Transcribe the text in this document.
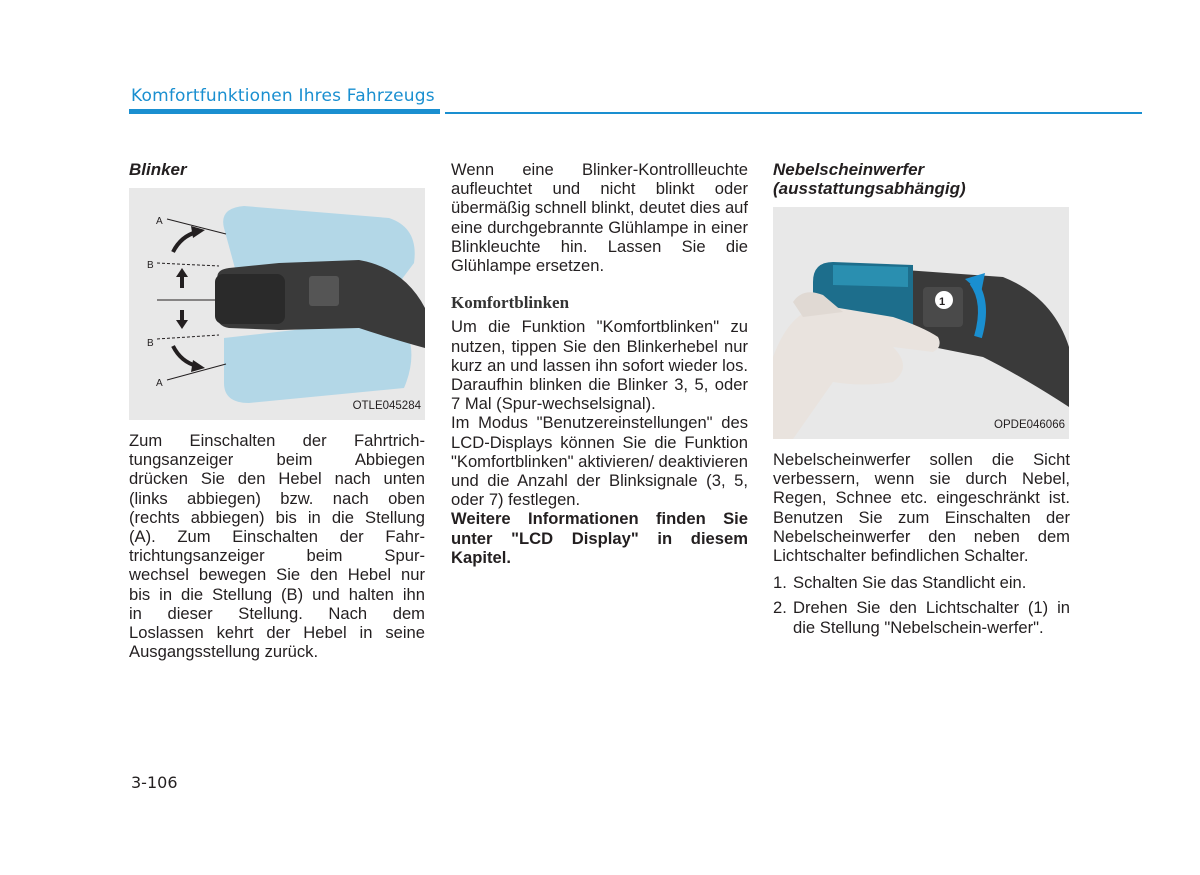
Komfortfunktionen Ihres Fahrzeugs
Blinker
A
B
B
A
OTLE045284
Zum Einschalten der Fahrtrich-
tungsanzeiger beim Abbiegen
drücken Sie den Hebel nach unten
(links abbiegen) bzw. nach oben
(rechts abbiegen) bis in die Stellung
(A). Zum Einschalten der Fahr-
trichtungsanzeiger beim Spur-
wechsel bewegen Sie den Hebel nur
bis in die Stellung (B) und halten ihn
in dieser Stellung. Nach dem
Loslassen kehrt der Hebel in seine
Ausgangsstellung zurück.

Wenn eine Blinker-Kontrollleuchte aufleuchtet und nicht blinkt oder übermäßig schnell blinkt, deutet dies auf eine durchgebrannte Glühlampe in einer Blinkleuchte hin. Lassen Sie die Glühlampe ersetzen.

Komfortblinken

Um die Funktion "Komfortblinken" zu nutzen, tippen Sie den Blinkerhebel nur kurz an und lassen ihn sofort wieder los. Daraufhin blinken die Blinker 3, 5, oder 7 Mal (Spur-wechselsignal).

Im Modus "Benutzereinstellungen" des LCD-Displays können Sie die Funktion "Komfortblinken" aktivieren/ deaktivieren und die Anzahl der Blinksignale (3, 5, oder 7) festlegen.

Weitere Informationen finden Sie unter "LCD Display" in diesem Kapitel.

Nebelscheinwerfer
(ausstattungsabhängig)
1
OPDE046066

Nebelscheinwerfer sollen die Sicht verbessern, wenn sie durch Nebel, Regen, Schnee etc. eingeschränkt ist. Benutzen Sie zum Einschalten der Nebelscheinwerfer den neben dem Lichtschalter befindlichen Schalter.

1. Schalten Sie das Standlicht ein.
2. Drehen Sie den Lichtschalter (1) in die Stellung "Nebelschein-werfer".
3-106
